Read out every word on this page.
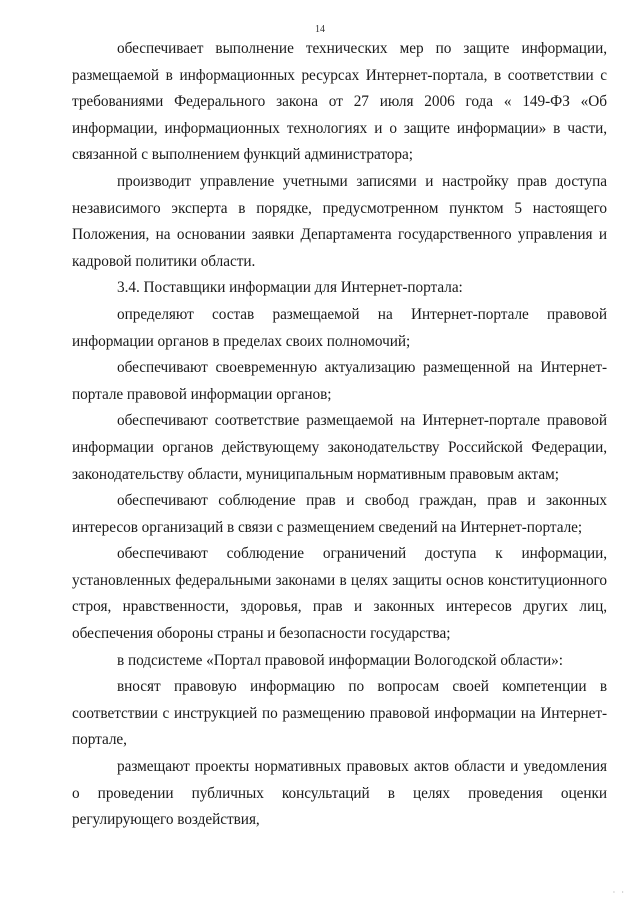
14

обеспечивает выполнение технических мер по защите информации, размещаемой в информационных ресурсах Интернет-портала, в соответствии с требованиями Федерального закона от 27 июля 2006 года « 149-ФЗ «Об информации, информационных технологиях и о защите информации» в части, связанной с выполнением функций администратора;

производит управление учетными записями и настройку прав доступа независимого эксперта в порядке, предусмотренном пунктом 5 настоящего Положения, на основании заявки Департамента государственного управления и кадровой политики области.

3.4. Поставщики информации для Интернет-портала:

определяют состав размещаемой на Интернет-портале правовой информации органов в пределах своих полномочий;

обеспечивают своевременную актуализацию размещенной на Интернет-портале правовой информации органов;

обеспечивают соответствие размещаемой на Интернет-портале правовой информации органов действующему законодательству Российской Федерации, законодательству области, муниципальным нормативным правовым актам;

обеспечивают соблюдение прав и свобод граждан, прав и законных интересов организаций в связи с размещением сведений на Интернет-портале;

обеспечивают соблюдение ограничений доступа к информации, установленных федеральными законами в целях защиты основ конституционного строя, нравственности, здоровья, прав и законных интересов других лиц, обеспечения обороны страны и безопасности государства;

в подсистеме «Портал правовой информации Вологодской области»:

вносят правовую информацию по вопросам своей компетенции в соответствии с инструкцией по размещению правовой информации на Интернет-портале,

размещают проекты нормативных правовых актов области и уведомления о проведении публичных консультаций в целях проведения оценки регулирующего воздействия,

· ·
